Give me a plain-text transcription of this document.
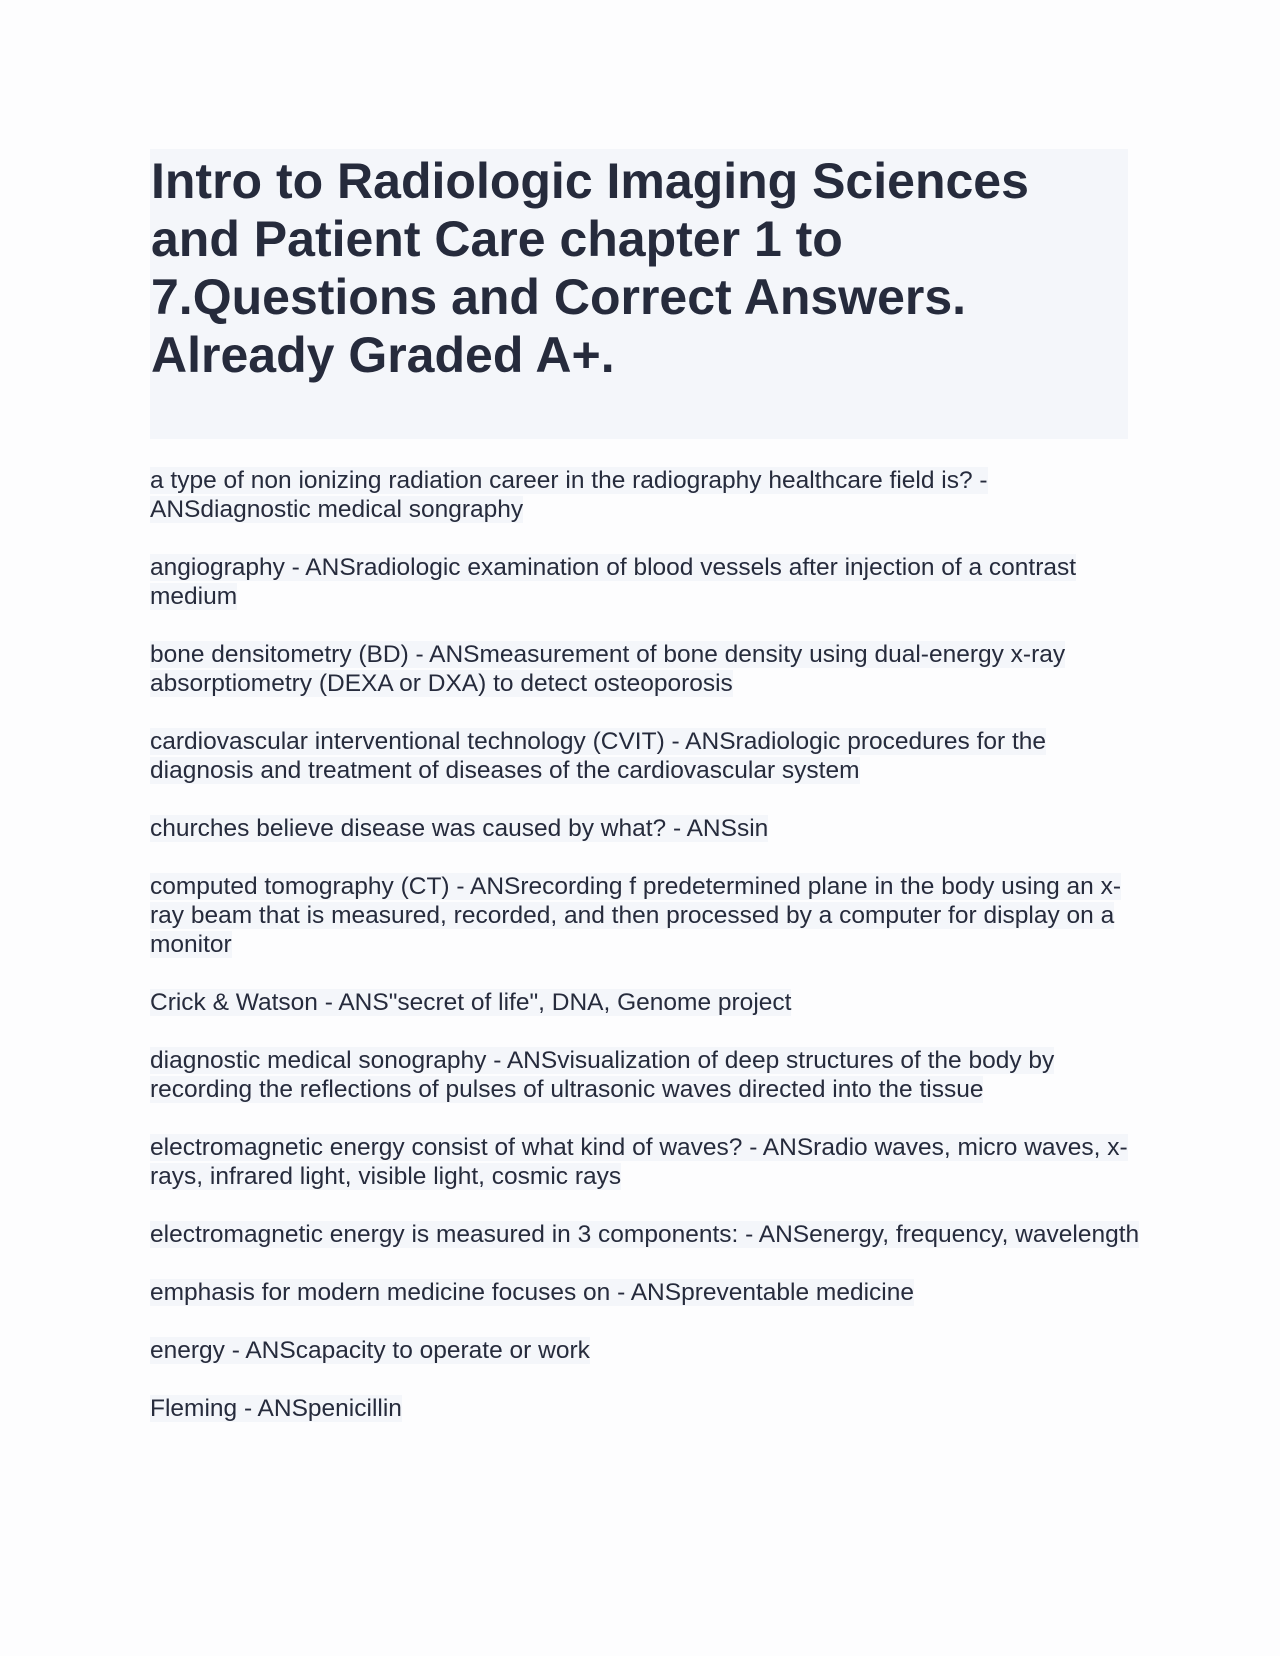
Intro to Radiologic Imaging Sciences and Patient Care chapter 1 to 7.Questions and Correct Answers. Already Graded A+.

a type of non ionizing radiation career in the radiography healthcare field is? - ANSdiagnostic medical songraphy

angiography - ANSradiologic examination of blood vessels after injection of a contrast medium

bone densitometry (BD) - ANSmeasurement of bone density using dual-energy x-ray absorptiometry (DEXA or DXA) to detect osteoporosis

cardiovascular interventional technology (CVIT) - ANSradiologic procedures for the diagnosis and treatment of diseases of the cardiovascular system

churches believe disease was caused by what? - ANSsin

computed tomography (CT) - ANSrecording f predetermined plane in the body using an x-ray beam that is measured, recorded, and then processed by a computer for display on a monitor

Crick & Watson - ANS"secret of life", DNA, Genome project

diagnostic medical sonography - ANSvisualization of deep structures of the body by recording the reflections of pulses of ultrasonic waves directed into the tissue

electromagnetic energy consist of what kind of waves? - ANSradio waves, micro waves, x-rays, infrared light, visible light, cosmic rays

electromagnetic energy is measured in 3 components: - ANSenergy, frequency, wavelength

emphasis for modern medicine focuses on - ANSpreventable medicine

energy - ANScapacity to operate or work

Fleming - ANSpenicillin
